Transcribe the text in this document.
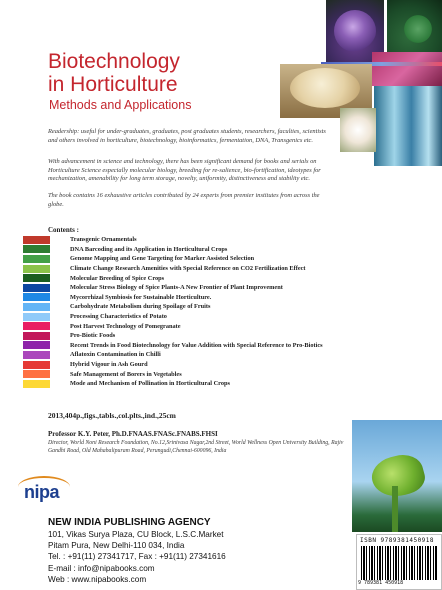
Biotechnology
in Horticulture
Methods and Applications

Readership: useful for under-graduates, graduates, post graduates students, researchers, faculties, scientists and others involved in horticulture, biotechnology, bioinformatics, fermentation, DNA, Transgenics etc.

With advancement in science and technology, there has been significant demand for books and serials on Horticulture Science especially molecular biology, breeding for re-salience, bio-fortification, ideotypes for mechanization, amenability for long term storage, novelty, uniformity, distinctiveness and stability etc.

The book contains 16 exhaustive articles contributed by 24 experts from premier institutes from across the globe.

Contents :
Transgenic Ornamentals
DNA Barcoding and its Application in Horticultural Crops
Genome Mapping and Gene Targeting for Marker Assisted Selection
Climate Change Research Amenities with Special Reference on CO2 Fertilization Effect
Molecular Breeding of Spice Crops
Molecular Stress Biology of Spice Plants-A New Frontier of Plant Improvement
Mycorrhizal Symbiosis for Sustainable Horticulture.
Carbohydrate Metabolism during Spoilage of Fruits
Processing Characteristics of Potato
Post Harvest Technology of Pomegranate
Pro-Biotic Foods
Recent Trends in Food Biotechnology for Value Addition with Special Reference to Pro-Biotics
Aflatoxin Contamination in Chilli
Hybrid Vigour in Ash Gourd
Safe Management of Borers in Vegetables
Mode and Mechanism of Pollination in Horticultural Crops
2013,404p.,figs.,tabls.,col.plts.,ind.,25cm
Professor K.Y. Peter, Ph.D.FNAAS.FNASc.FNABS.FHSI
Director, World Noni Research Foundation, No.12,Srinivasa Nagar,2nd Street, World Wellness Open University Building, Rajiv Gandhi Road, Old Mahabalipuram Road, Perungudi,Chennai-600096, India
nipa
NEW INDIA PUBLISHING AGENCY
101, Vikas Surya Plaza, CU Block, L.S.C.Market
Pitam Pura, New Delhi-110 034, India
Tel. : +91(11) 27341717, Fax : +91(11) 27341616
E-mail : info@nipabooks.com
Web : www.nipabooks.com
ISBN 9789381450918
9 789381 450918
